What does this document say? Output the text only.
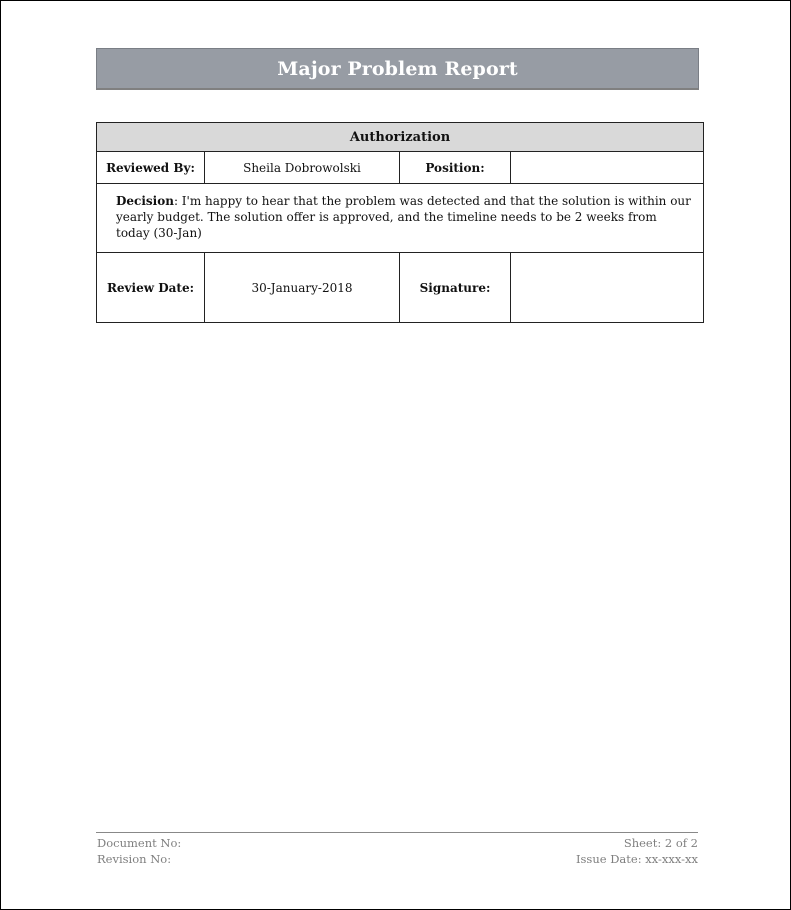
Major Problem Report
Authorization			
Reviewed By:	Sheila Dobrowolski	Position:	

Decision: I'm happy to hear that the problem was detected and that the solution is within our yearly budget. The solution offer is approved, and the timeline needs to be 2 weeks from today (30-Jan)			

Review Date:	30-January-2018	Signature:	
Document No:	Sheet: 2 of 2
Revision No:	Issue Date: xx-xxx-xx
